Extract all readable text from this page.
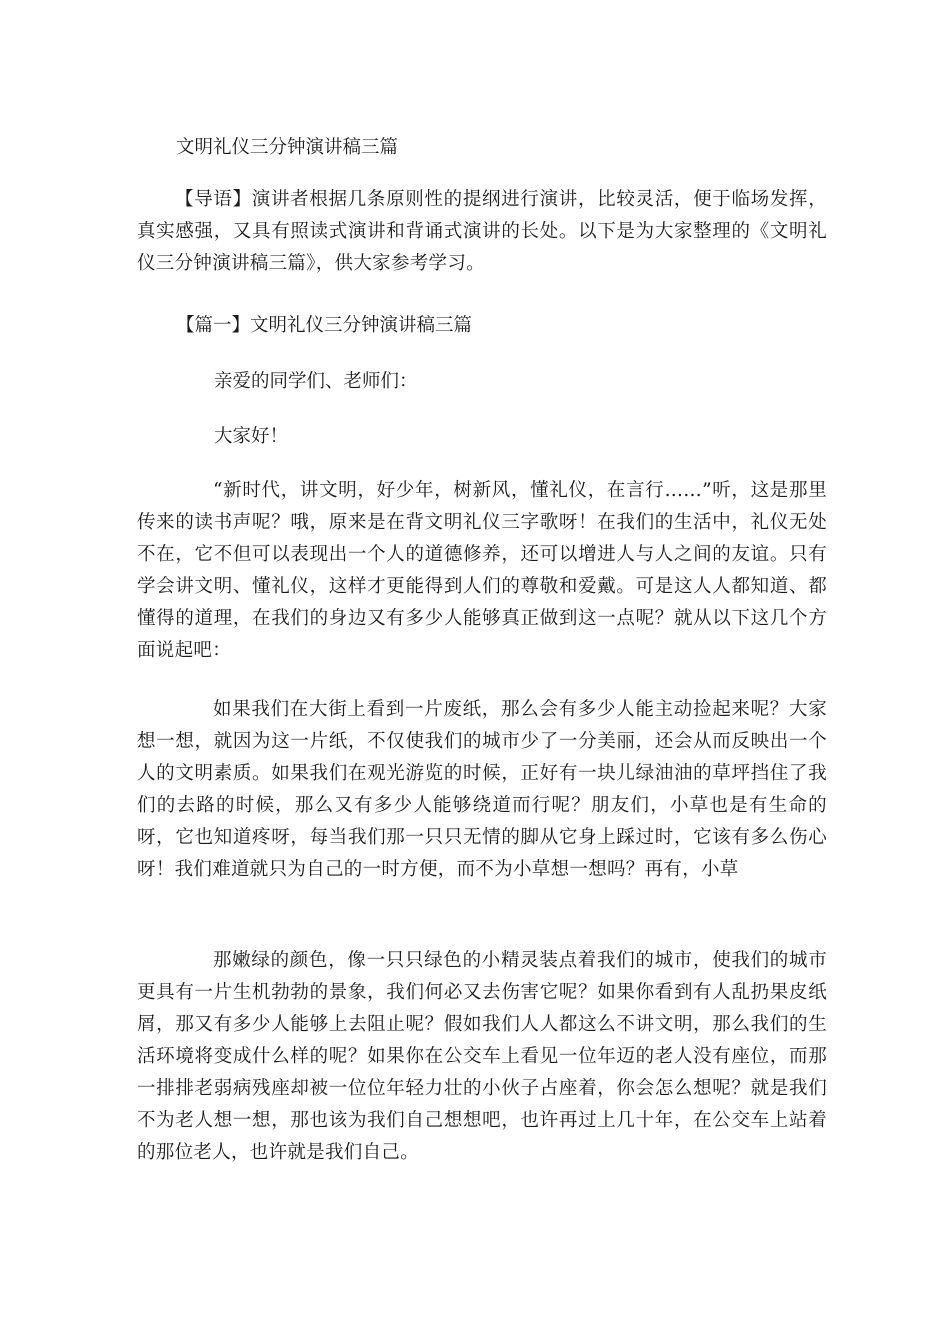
文明礼仪三分钟演讲稿三篇

【导语】演讲者根据几条原则性的提纲进行演讲，比较灵活，便于临场发挥，真实感强，又具有照读式演讲和背诵式演讲的长处。以下是为大家整理的《文明礼仪三分钟演讲稿三篇》，供大家参考学习。

【篇一】文明礼仪三分钟演讲稿三篇

亲爱的同学们、老师们：

大家好！

“新时代，讲文明，好少年，树新风，懂礼仪，在言行……”听，这是那里传来的读书声呢？哦，原来是在背文明礼仪三字歌呀！在我们的生活中，礼仪无处不在，它不但可以表现出一个人的道德修养，还可以增进人与人之间的友谊。只有学会讲文明、懂礼仪，这样才更能得到人们的尊敬和爱戴。可是这人人都知道、都懂得的道理，在我们的身边又有多少人能够真正做到这一点呢？就从以下这几个方面说起吧：

如果我们在大街上看到一片废纸，那么会有多少人能主动捡起来呢？大家想一想，就因为这一片纸，不仅使我们的城市少了一分美丽，还会从而反映出一个人的文明素质。如果我们在观光游览的时候，正好有一块儿绿油油的草坪挡住了我们的去路的时候，那么又有多少人能够绕道而行呢？朋友们，小草也是有生命的呀，它也知道疼呀，每当我们那一只只无情的脚从它身上踩过时，它该有多么伤心呀！我们难道就只为自己的一时方便，而不为小草想一想吗？再有，小草

那嫩绿的颜色，像一只只绿色的小精灵装点着我们的城市，使我们的城市更具有一片生机勃勃的景象，我们何必又去伤害它呢？如果你看到有人乱扔果皮纸屑，那又有多少人能够上去阻止呢？假如我们人人都这么不讲文明，那么我们的生活环境将变成什么样的呢？如果你在公交车上看见一位年迈的老人没有座位，而那一排排老弱病残座却被一位位年轻力壮的小伙子占座着，你会怎么想呢？就是我们不为老人想一想，那也该为我们自己想想吧，也许再过上几十年，在公交车上站着的那位老人，也许就是我们自己。
